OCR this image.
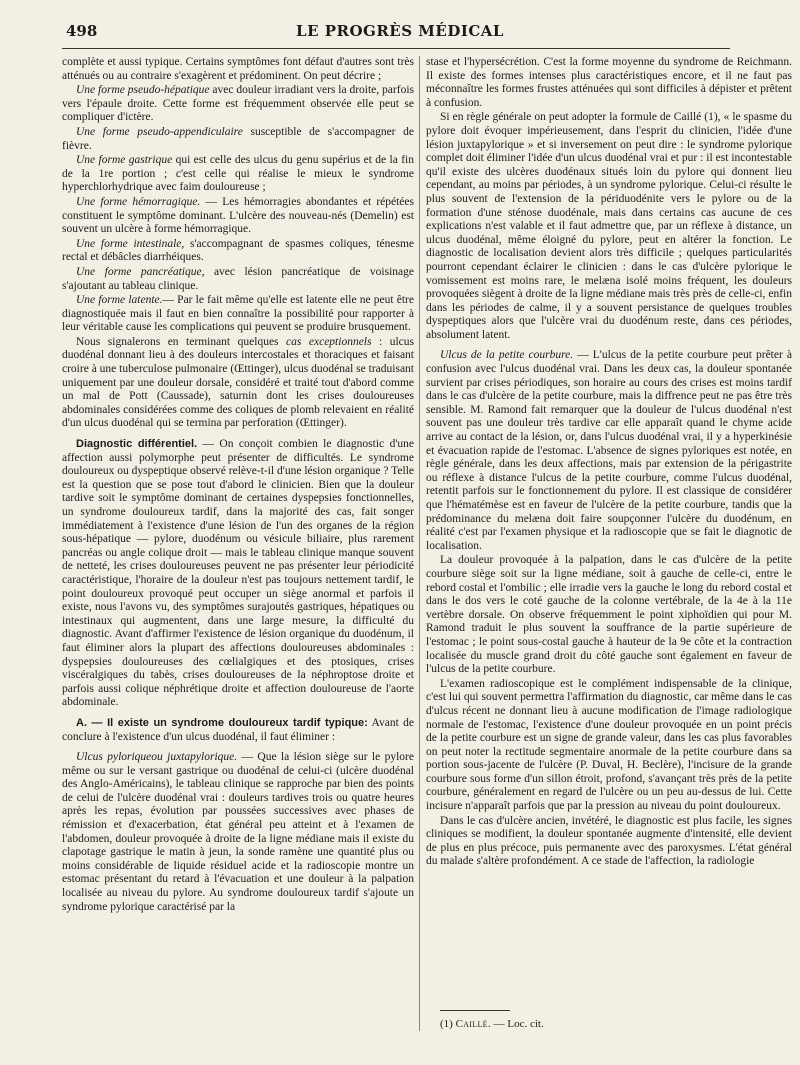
498	LE PROGRÈS MÉDICAL

complète et aussi typique. Certains symptômes font défaut d'autres sont très atténués ou au contraire s'exagèrent et prédominent. On peut décrire ;

Une forme pseudo-hépatique avec douleur irradiant vers la droite, parfois vers l'épaule droite. Cette forme est fréquemment observée elle peut se compliquer d'ictère.

Une forme pseudo-appendiculaire susceptible de s'accompagner de fièvre.

Une forme gastrique qui est celle des ulcus du genu supérius et de la fin de la 1re portion ; c'est celle qui réalise le mieux le syndrome hyperchlorhydrique avec faim douloureuse ;

Une forme hémorragique. — Les hémorragies abondantes et répétées constituent le symptôme dominant. L'ulcère des nouveau-nés (Demelin) est souvent un ulcère à forme hémorragique.

Une forme intestinale, s'accompagnant de spasmes coliques, ténesme rectal et débâcles diarrhéiques.

Une forme pancréatique, avec lésion pancréatique de voisinage s'ajoutant au tableau clinique.

Une forme latente.— Par le fait même qu'elle est latente elle ne peut être diagnostiquée mais il faut en bien connaître la possibilité pour rapporter à leur véritable cause les complications qui peuvent se produire brusquement.

Nous signalerons en terminant quelques cas exceptionnels : ulcus duodénal donnant lieu à des douleurs intercostales et thoraciques et faisant croire à une tuberculose pulmonaire (Œttinger), ulcus duodénal se traduisant uniquement par une douleur dorsale, considéré et traité tout d'abord comme un mal de Pott (Caussade), saturnin dont les crises douloureuses abdominales considérées comme des coliques de plomb relevaient en réalité d'un ulcus duodénal qui se termina par perforation (Œttinger).

Diagnostic différentiel. — On conçoit combien le diagnostic d'une affection aussi polymorphe peut présenter de difficultés. Le syndrome douloureux ou dyspeptique observé relève-t-il d'une lésion organique ? Telle est la question que se pose tout d'abord le clinicien. Bien que la douleur tardive soit le symptôme dominant de certaines dyspepsies fonctionnelles, un syndrome douloureux tardif, dans la majorité des cas, fait songer immédiatement à l'existence d'une lésion de l'un des organes de la région sous-hépatique — pylore, duodénum ou vésicule biliaire, plus rarement pancréas ou angle colique droit — mais le tableau clinique manque souvent de netteté, les crises douloureuses peuvent ne pas présenter leur périodicité caractéristique, l'horaire de la douleur n'est pas toujours nettement tardif, le point douloureux provoqué peut occuper un siège anormal et parfois il existe, nous l'avons vu, des symptômes surajoutés gastriques, hépatiques ou intestinaux qui augmentent, dans une large mesure, la difficulté du diagnostic. Avant d'affirmer l'existence de lésion organique du duodénum, il faut éliminer alors la plupart des affections douloureuses abdominales : dyspepsies douloureuses des cœlialgiques et des ptosiques, crises viscéralgiques du tabès, crises douloureuses de la néphroptose droite et parfois aussi colique néphrétique droite et affection douloureuse de l'aorte abdominale.

A. — Il existe un syndrome douloureux tardif typique: Avant de conclure à l'existence d'un ulcus duodénal, il faut éliminer :

Ulcus pyloriqueou juxtapylorique. — Que la lésion siège sur le pylore même ou sur le versant gastrique ou duodénal de celui-ci (ulcère duodénal des Anglo-Américains), le tableau clinique se rapproche par bien des points de celui de l'ulcère duodénal vrai : douleurs tardives trois ou quatre heures après les repas, évolution par poussées successives avec phases de rémission et d'exacerbation, état général peu atteint et à l'examen de l'abdomen, douleur provoquée à droite de la ligne médiane mais il existe du clapotage gastrique le matin à jeun, la sonde ramène une quantité plus ou moins considérable de liquide résiduel acide et la radioscopie montre un estomac présentant du retard à l'évacuation et une douleur à la palpation localisée au niveau du pylore. Au syndrome douloureux tardif s'ajoute un syndrome pylorique caractérisé par la

stase et l'hypersécrétion. C'est la forme moyenne du syndrome de Reichmann. Il existe des formes intenses plus caractéristiques encore, et il ne faut pas méconnaître les formes frustes atténuées qui sont difficiles à dépister et prêtent à confusion.

Si en règle générale on peut adopter la formule de Caillé (1), « le spasme du pylore doit évoquer impérieusement, dans l'esprit du clinicien, l'idée d'une lésion juxtapylorique » et si inversement on peut dire : le syndrome pylorique complet doit éliminer l'idée d'un ulcus duodénal vrai et pur : il est incontestable qu'il existe des ulcères duodénaux situés loin du pylore qui donnent lieu cependant, au moins par périodes, à un syndrome pylorique. Celui-ci résulte le plus souvent de l'extension de la périduodénite vers le pylore ou de la formation d'une sténose duodénale, mais dans certains cas aucune de ces explications n'est valable et il faut admettre que, par un réflexe à distance, un ulcus duodénal, même éloigné du pylore, peut en altérer la fonction. Le diagnostic de localisation devient alors très difficile ; quelques particularités pourront cependant éclairer le clinicien : dans le cas d'ulcère pylorique le vomissement est moins rare, le melæna isolé moins fréquent, les douleurs provoquées siègent à droite de la ligne médiane mais très près de celle-ci, enfin dans les périodes de calme, il y a souvent persistance de quelques troubles dyspeptiques alors que l'ulcère vrai du duodénum reste, dans ces périodes, absolument latent.

Ulcus de la petite courbure. — L'ulcus de la petite courbure peut prêter à confusion avec l'ulcus duodénal vrai. Dans les deux cas, la douleur spontanée survient par crises périodiques, son horaire au cours des crises est moins tardif dans le cas d'ulcère de la petite courbure, mais la diffrence peut ne pas être très sensible. M. Ramond fait remarquer que la douleur de l'ulcus duodénal n'est souvent pas une douleur très tardive car elle apparaît quand le chyme acide arrive au contact de la lésion, or, dans l'ulcus duodénal vrai, il y a hyperkinésie et évacuation rapide de l'estomac. L'absence de signes pyloriques est notée, en règle générale, dans les deux affections, mais par extension de la périgastrite ou réflexe à distance l'ulcus de la petite courbure, comme l'ulcus duodénal, retentit parfois sur le fonctionnement du pylore. Il est classique de considérer que l'hématémèse est en faveur de l'ulcère de la petite courbure, tandis que la prédominance du melæna doit faire soupçonner l'ulcère du duodénum, en réalité c'est par l'examen physique et la radioscopie que se fait le diagnotic de localisation.

La douleur provoquée à la palpation, dans le cas d'ulcère de la petite courbure siège soit sur la ligne médiane, soit à gauche de celle-ci, entre le rebord costal et l'ombilic ; elle irradie vers la gauche le long du rebord costal et dans le dos vers le coté gauche de la colonne vertébrale, de la 4e à la 11e vertèbre dorsale. On observe fréquemment le point xiphoïdien qui pour M. Ramond traduit le plus souvent la souffrance de la partie supérieure de l'estomac ; le point sous-costal gauche à hauteur de la 9e côte et la contraction localisée du muscle grand droit du côté gauche sont également en faveur de l'ulcus de la petite courbure.

L'examen radioscopique est le complément indispensable de la clinique, c'est lui qui souvent permettra l'affirmation du diagnostic, car même dans le cas d'ulcus récent ne donnant lieu à aucune modification de l'image radiologique normale de l'estomac, l'existence d'une douleur provoquée en un point précis de la petite courbure est un signe de grande valeur, dans les cas plus favorables on peut noter la rectitude segmentaire anormale de la petite courbure dans sa portion sous-jacente de l'ulcère (P. Duval, H. Beclère), l'incisure de la grande courbure sous forme d'un sillon étroit, profond, s'avançant très près de la petite courbure, généralement en regard de l'ulcère ou un peu au-dessus de lui. Cette incisure n'apparaît parfois que par la pression au niveau du point douloureux.

Dans le cas d'ulcère ancien, invétéré, le diagnostic est plus facile, les signes cliniques se modifient, la douleur spontanée augmente d'intensité, elle devient de plus en plus précoce, puis permanente avec des paroxysmes. L'état général du malade s'altère profondément. A ce stade de l'affection, la radiologie

(1) Caillé. — Loc. cit.
